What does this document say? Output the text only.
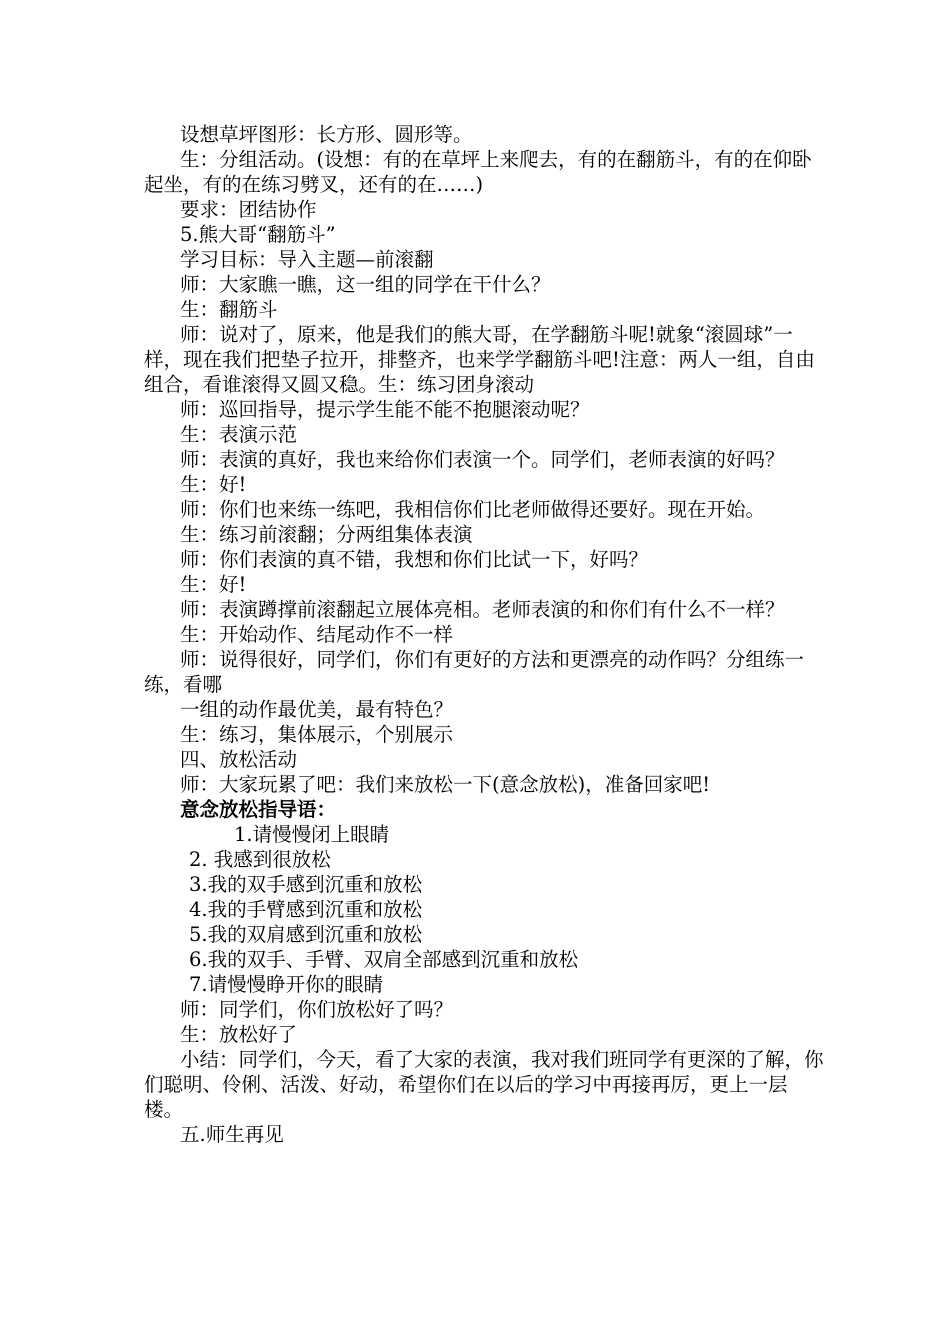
设想草坪图形：长方形、圆形等。

生：分组活动。(设想：有的在草坪上来爬去，有的在翻筋斗，有的在仰卧起坐，有的在练习劈叉，还有的在……)

要求：团结协作

5.熊大哥“翻筋斗”

学习目标：导入主题—前滚翻

师：大家瞧一瞧，这一组的同学在干什么？

生：翻筋斗

师：说对了，原来，他是我们的熊大哥，在学翻筋斗呢!就象“滚圆球”一样，现在我们把垫子拉开，排整齐，也来学学翻筋斗吧!注意：两人一组，自由组合，看谁滚得又圆又稳。生：练习团身滚动

师：巡回指导，提示学生能不能不抱腿滚动呢？

生：表演示范

师：表演的真好，我也来给你们表演一个。同学们，老师表演的好吗？

生：好!

师：你们也来练一练吧，我相信你们比老师做得还要好。现在开始。

生：练习前滚翻；分两组集体表演

师：你们表演的真不错，我想和你们比试一下，好吗？

生：好!

师：表演蹲撑前滚翻起立展体亮相。老师表演的和你们有什么不一样？

生：开始动作、结尾动作不一样

师：说得很好，同学们，你们有更好的方法和更漂亮的动作吗？分组练一练，看哪

一组的动作最优美，最有特色？

生：练习，集体展示，个别展示

四、放松活动

师：大家玩累了吧：我们来放松一下(意念放松)，准备回家吧!

意念放松指导语：

1.请慢慢闭上眼睛

2. 我感到很放松

3.我的双手感到沉重和放松

4.我的手臂感到沉重和放松

5.我的双肩感到沉重和放松

6.我的双手、手臂、双肩全部感到沉重和放松

7.请慢慢睁开你的眼睛

师：同学们，你们放松好了吗？

生：放松好了

小结：同学们，今天，看了大家的表演，我对我们班同学有更深的了解，你们聪明、伶俐、活泼、好动，希望你们在以后的学习中再接再厉，更上一层楼。

五.师生再见
